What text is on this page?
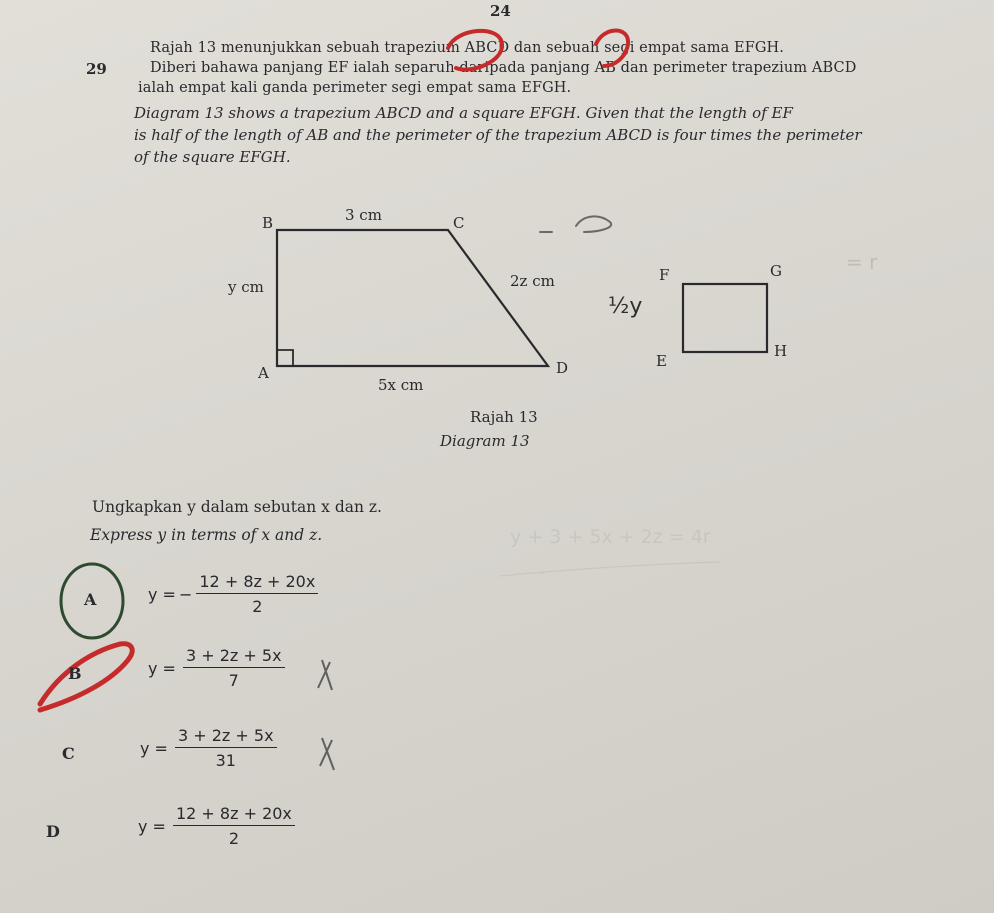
24
29
Rajah 13 menunjukkan sebuah trapezium ABCD dan sebuah segi empat sama EFGH.
Diberi bahawa panjang EF ialah separuh daripada panjang AB dan perimeter trapezium ABCD
ialah empat kali ganda perimeter segi empat sama EFGH.
Diagram 13 shows a trapezium ABCD and a square EFGH. Given that the length of EF
is half of the length of AB and the perimeter of the trapezium ABCD is four times the perimeter
of the square EFGH.
B	C
A	D
3 cm
y cm	2z cm
5x cm
F	G
E
H
½y
= r
y + 3 + 5x + 2z = 4r
Rajah 13
Diagram 13
Ungkapkan y dalam sebutan x dan z.
Express y in terms of x and z.
A	y = − $\frac{12 + 8z + 20x}{2}$
B	$y = \frac{3 + 2z + 5x}{7}$
C	$y = \frac{3 + 2z + 5x}{31}$
D	$y = \frac{12 + 8z + 20x}{2}$
